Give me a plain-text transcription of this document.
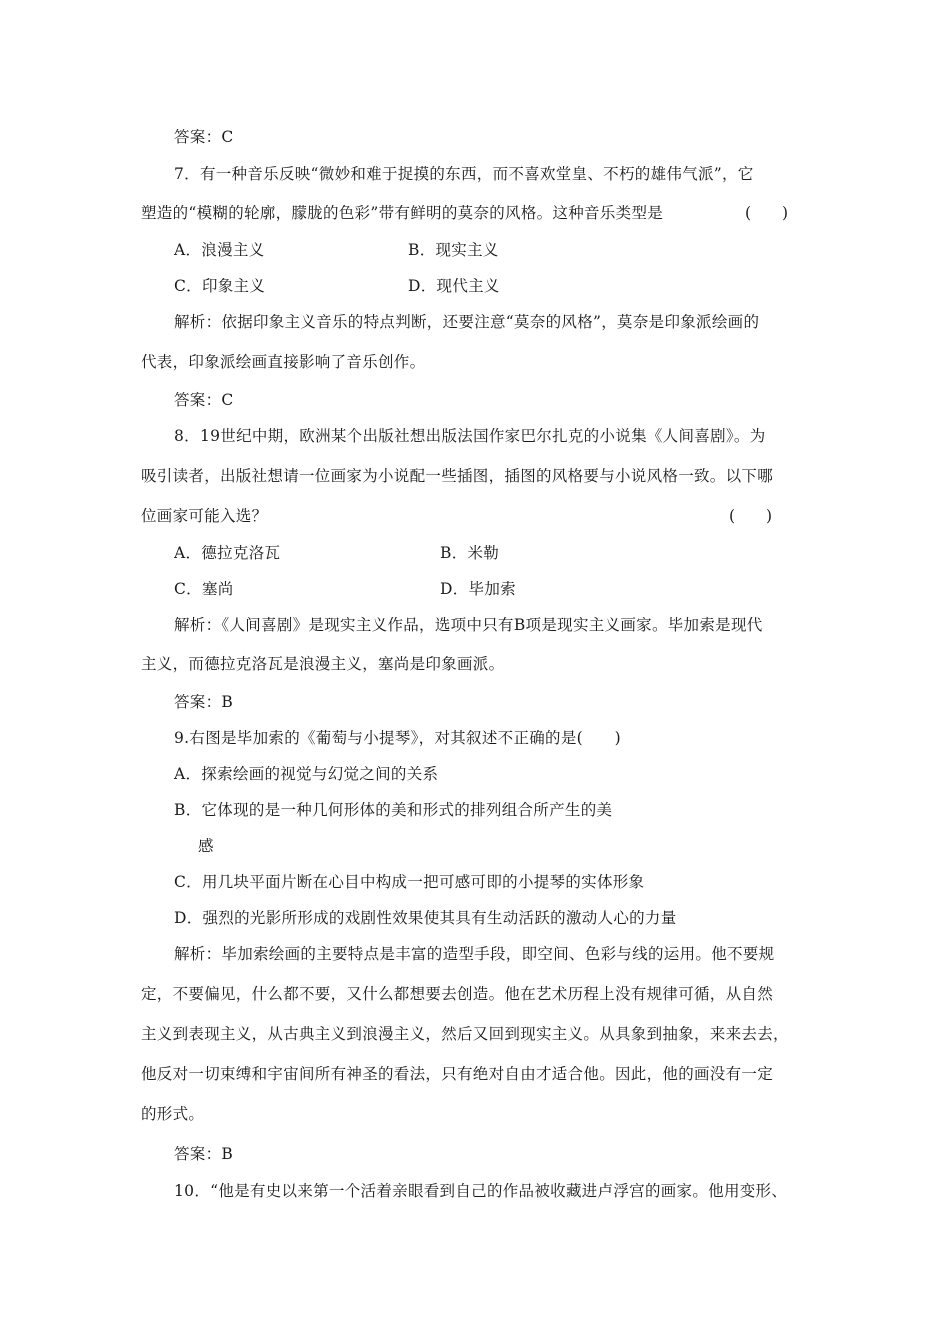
答案：C
7．有一种音乐反映“微妙和难于捉摸的东西，而不喜欢堂皇、不朽的雄伟气派”，它
塑造的“模糊的轮廓，朦胧的色彩”带有鲜明的莫奈的风格。这种音乐类型是	(　　)
A．浪漫主义	B．现实主义
C．印象主义	D．现代主义
解析：依据印象主义音乐的特点判断，还要注意“莫奈的风格”，莫奈是印象派绘画的
代表，印象派绘画直接影响了音乐创作。
答案：C
8．19世纪中期，欧洲某个出版社想出版法国作家巴尔扎克的小说集《人间喜剧》。为
吸引读者，出版社想请一位画家为小说配一些插图，插图的风格要与小说风格一致。以下哪
位画家可能入选？	(　　)
A．德拉克洛瓦	B．米勒
C．塞尚	D．毕加索
解析：《人间喜剧》是现实主义作品，选项中只有B项是现实主义画家。毕加索是现代
主义，而德拉克洛瓦是浪漫主义，塞尚是印象画派。
答案：B
9.右图是毕加索的《葡萄与小提琴》，对其叙述不正确的是(　　)
A．探索绘画的视觉与幻觉之间的关系
B．它体现的是一种几何形体的美和形式的排列组合所产生的美
感
C．用几块平面片断在心目中构成一把可感可即的小提琴的实体形象
D．强烈的光影所形成的戏剧性效果使其具有生动活跃的激动人心的力量
解析：毕加索绘画的主要特点是丰富的造型手段，即空间、色彩与线的运用。他不要规
定，不要偏见，什么都不要，又什么都想要去创造。他在艺术历程上没有规律可循，从自然
主义到表现主义，从古典主义到浪漫主义，然后又回到现实主义。从具象到抽象，来来去去，
他反对一切束缚和宇宙间所有神圣的看法，只有绝对自由才适合他。因此，他的画没有一定
的形式。
答案：B
10．“他是有史以来第一个活着亲眼看到自己的作品被收藏进卢浮宫的画家。他用变形、
